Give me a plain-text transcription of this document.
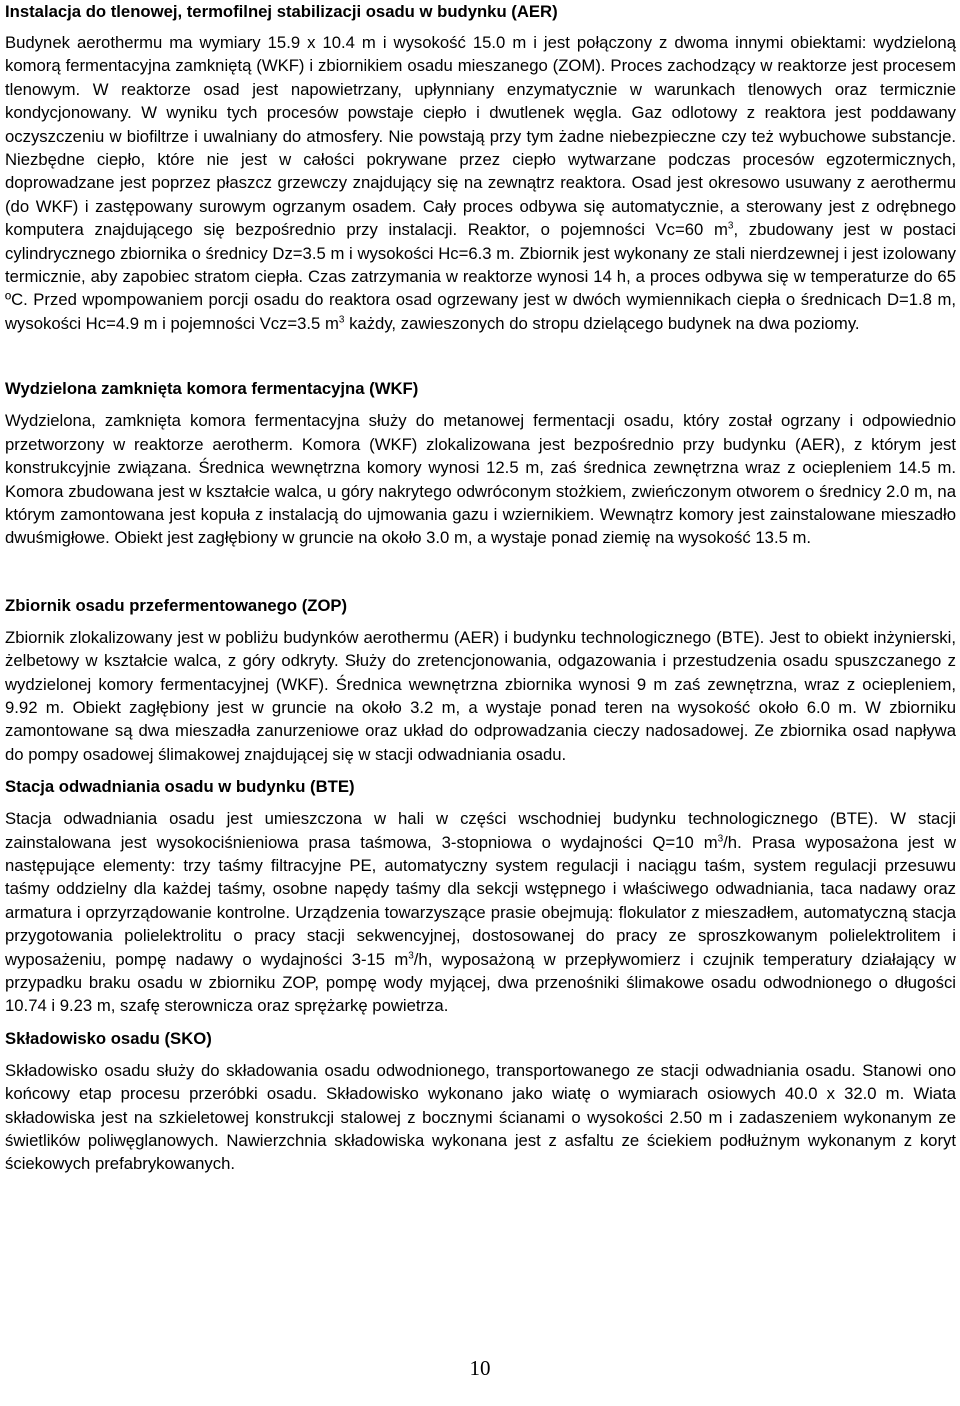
Instalacja do tlenowej, termofilnej stabilizacji osadu w budynku (AER)

Budynek aerothermu ma wymiary 15.9 x 10.4 m i wysokość 15.0 m i jest połączony z dwoma innymi obiektami: wydzieloną komorą fermentacyjna zamkniętą (WKF) i zbiornikiem osadu mieszanego (ZOM). Proces zachodzący w reaktorze jest procesem tlenowym. W reaktorze osad jest napowietrzany, upłynniany enzymatycznie w warunkach tlenowych oraz termicznie kondycjonowany. W wyniku tych procesów powstaje ciepło i dwutlenek węgla. Gaz odlotowy z reaktora jest poddawany oczyszczeniu w biofiltrze i uwalniany do atmosfery. Nie powstają przy tym żadne niebezpieczne czy też wybuchowe substancje. Niezbędne ciepło, które nie jest w całości pokrywane przez ciepło wytwarzane podczas procesów egzotermicznych, doprowadzane jest poprzez płaszcz grzewczy znajdujący się na zewnątrz reaktora. Osad jest okresowo usuwany z aerothermu (do WKF) i zastępowany surowym ogrzanym osadem. Cały proces odbywa się automatycznie, a sterowany jest z odrębnego komputera znajdującego się bezpośrednio przy instalacji. Reaktor, o pojemności Vc=60 $m^3$, zbudowany jest w postaci cylindrycznego zbiornika o średnicy Dz=3.5 m i wysokości Hc=6.3 m. Zbiornik jest wykonany ze stali nierdzewnej i jest izolowany termicznie, aby zapobiec stratom ciepła. Czas zatrzymania w reaktorze wynosi 14 h, a proces odbywa się w temperaturze do 65 ºC. Przed wpompowaniem porcji osadu do reaktora osad ogrzewany jest w dwóch wymiennikach ciepła o średnicach D=1.8 m, wysokości Hc=4.9 m i pojemności Vcz=3.5 $m^3$ każdy, zawieszonych do stropu dzielącego budynek na dwa poziomy.

Wydzielona zamknięta komora fermentacyjna (WKF)

Wydzielona, zamknięta komora fermentacyjna służy do metanowej fermentacji osadu, który został ogrzany i odpowiednio przetworzony w reaktorze aerotherm. Komora (WKF) zlokalizowana jest bezpośrednio przy budynku (AER), z którym jest konstrukcyjnie związana. Średnica wewnętrzna komory wynosi 12.5 m, zaś średnica zewnętrzna wraz z ociepleniem 14.5 m. Komora zbudowana jest w kształcie walca, u góry nakrytego odwróconym stożkiem, zwieńczonym otworem o średnicy 2.0 m, na którym zamontowana jest kopuła z instalacją do ujmowania gazu i wziernikiem. Wewnątrz komory jest zainstalowane mieszadło dwuśmigłowe. Obiekt jest zagłębiony w gruncie na około 3.0 m, a wystaje ponad ziemię na wysokość 13.5 m.

Zbiornik osadu przefermentowanego (ZOP)

Zbiornik zlokalizowany jest w pobliżu budynków aerothermu (AER) i budynku technologicznego (BTE). Jest to obiekt inżynierski, żelbetowy w kształcie walca, z góry odkryty. Służy do zretencjonowania, odgazowania i przestudzenia osadu spuszczanego z wydzielonej komory fermentacyjnej (WKF). Średnica wewnętrzna zbiornika wynosi 9 m zaś zewnętrzna, wraz z ociepleniem, 9.92 m. Obiekt zagłębiony jest w gruncie na około 3.2 m, a wystaje ponad teren na wysokość około 6.0 m. W zbiorniku zamontowane są dwa mieszadła zanurzeniowe oraz układ do odprowadzania cieczy nadosadowej. Ze zbiornika osad napływa do pompy osadowej ślimakowej znajdującej się w stacji odwadniania osadu.

Stacja odwadniania osadu w budynku (BTE)

Stacja odwadniania osadu jest umieszczona w hali w części wschodniej budynku technologicznego (BTE). W stacji zainstalowana jest wysokociśnieniowa prasa taśmowa, 3-stopniowa o wydajności Q=10 $m^3/h$. Prasa wyposażona jest w następujące elementy: trzy taśmy filtracyjne PE, automatyczny system regulacji i naciągu taśm, system regulacji przesuwu taśmy oddzielny dla każdej taśmy, osobne napędy taśmy dla sekcji wstępnego i właściwego odwadniania, taca nadawy oraz armatura i oprzyrządowanie kontrolne. Urządzenia towarzyszące prasie obejmują: flokulator z mieszadłem, automatyczną stacja przygotowania polielektrolitu o pracy stacji sekwencyjnej, dostosowanej do pracy ze sproszkowanym polielektrolitem i wyposażeniu, pompę nadawy o wydajności 3-15 $m^3/h$, wyposażoną w przepływomierz i czujnik temperatury działający w przypadku braku osadu w zbiorniku ZOP, pompę wody myjącej, dwa przenośniki ślimakowe osadu odwodnionego o długości 10.74 i 9.23 m, szafę sterownicza oraz sprężarkę powietrza.

Składowisko osadu (SKO)

Składowisko osadu służy do składowania osadu odwodnionego, transportowanego ze stacji odwadniania osadu. Stanowi ono końcowy etap procesu przeróbki osadu. Składowisko wykonano jako wiatę o wymiarach osiowych 40.0 x 32.0 m. Wiata składowiska jest na szkieletowej konstrukcji stalowej z bocznymi ścianami o wysokości 2.50 m i zadaszeniem wykonanym ze świetlików poliwęglanowych. Nawierzchnia składowiska wykonana jest z asfaltu ze ściekiem podłużnym wykonanym z koryt ściekowych prefabrykowanych.

10
